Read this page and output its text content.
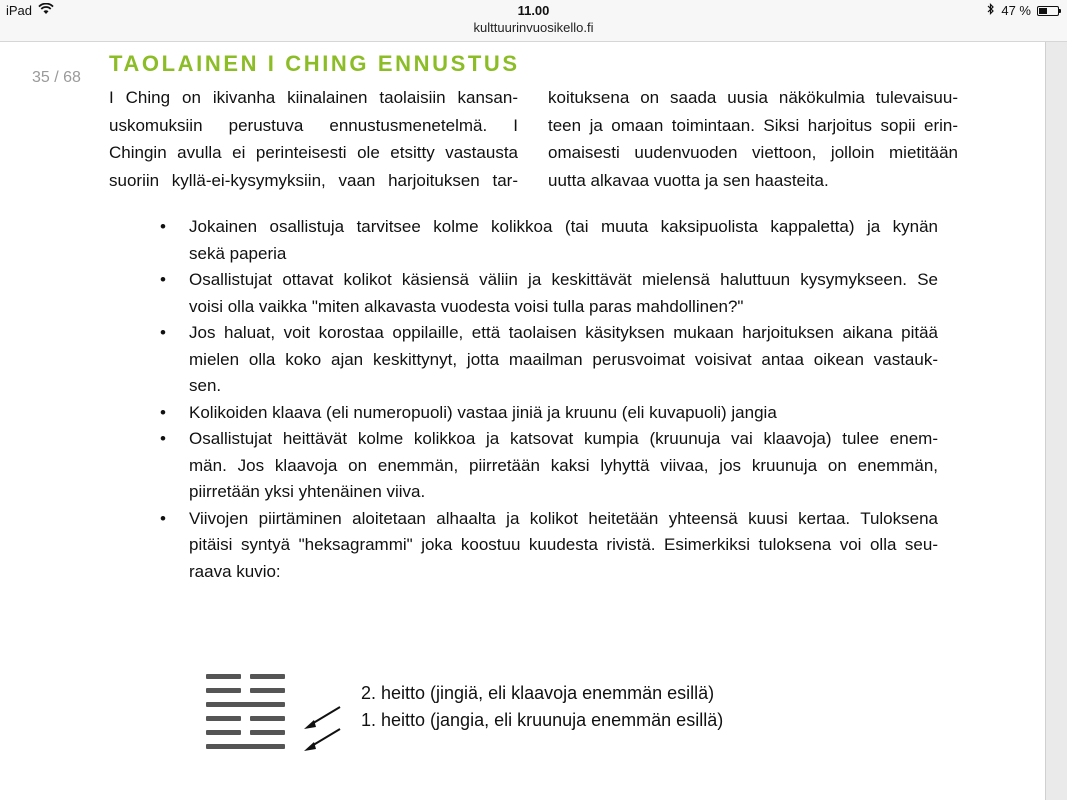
iPad	11.00	47 %
kulttuurinvuosikello.fi
35 / 68
TAOLAINEN I CHING ENNUSTUS
I Ching on ikivanha kiinalainen taolaisiin kansan-
uskomuksiin perustuva ennustusmenetelmä. I
Chingin avulla ei perinteisesti ole etsitty vastausta
suoriin kyllä-ei-kysymyksiin, vaan harjoituksen tar-
koituksena on saada uusia näkökulmia tulevaisuu-
teen ja omaan toimintaan. Siksi harjoitus sopii erin-
omaisesti uudenvuoden viettoon, jolloin mietitään
uutta alkavaa vuotta ja sen haasteita.
• Jokainen osallistuja tarvitsee kolme kolikkoa (tai muuta kaksipuolista kappaletta) ja kynän
sekä paperia
• Osallistujat ottavat kolikot käsiensä väliin ja keskittävät mielensä haluttuun kysymykseen. Se
voisi olla vaikka "miten alkavasta vuodesta voisi tulla paras mahdollinen?"
• Jos haluat, voit korostaa oppilaille, että taolaisen käsityksen mukaan harjoituksen aikana pitää
mielen olla koko ajan keskittynyt, jotta maailman perusvoimat voisivat antaa oikean vastauk-
sen.
• Kolikoiden klaava (eli numeropuoli) vastaa jiniä ja kruunu (eli kuvapuoli) jangia
• Osallistujat heittävät kolme kolikkoa ja katsovat kumpia (kruunuja vai klaavoja) tulee enem-
män. Jos klaavoja on enemmän, piirretään kaksi lyhyttä viivaa, jos kruunuja on enemmän,
piirretään yksi yhtenäinen viiva.
• Viivojen piirtäminen aloitetaan alhaalta ja kolikot heitetään yhteensä kuusi kertaa. Tuloksena
pitäisi syntyä "heksagrammi" joka koostuu kuudesta rivistä. Esimerkiksi tuloksena voi olla seu-
raava kuvio:
2. heitto (jingiä, eli klaavoja enemmän esillä)
1. heitto (jangia, eli kruunuja enemmän esillä)
